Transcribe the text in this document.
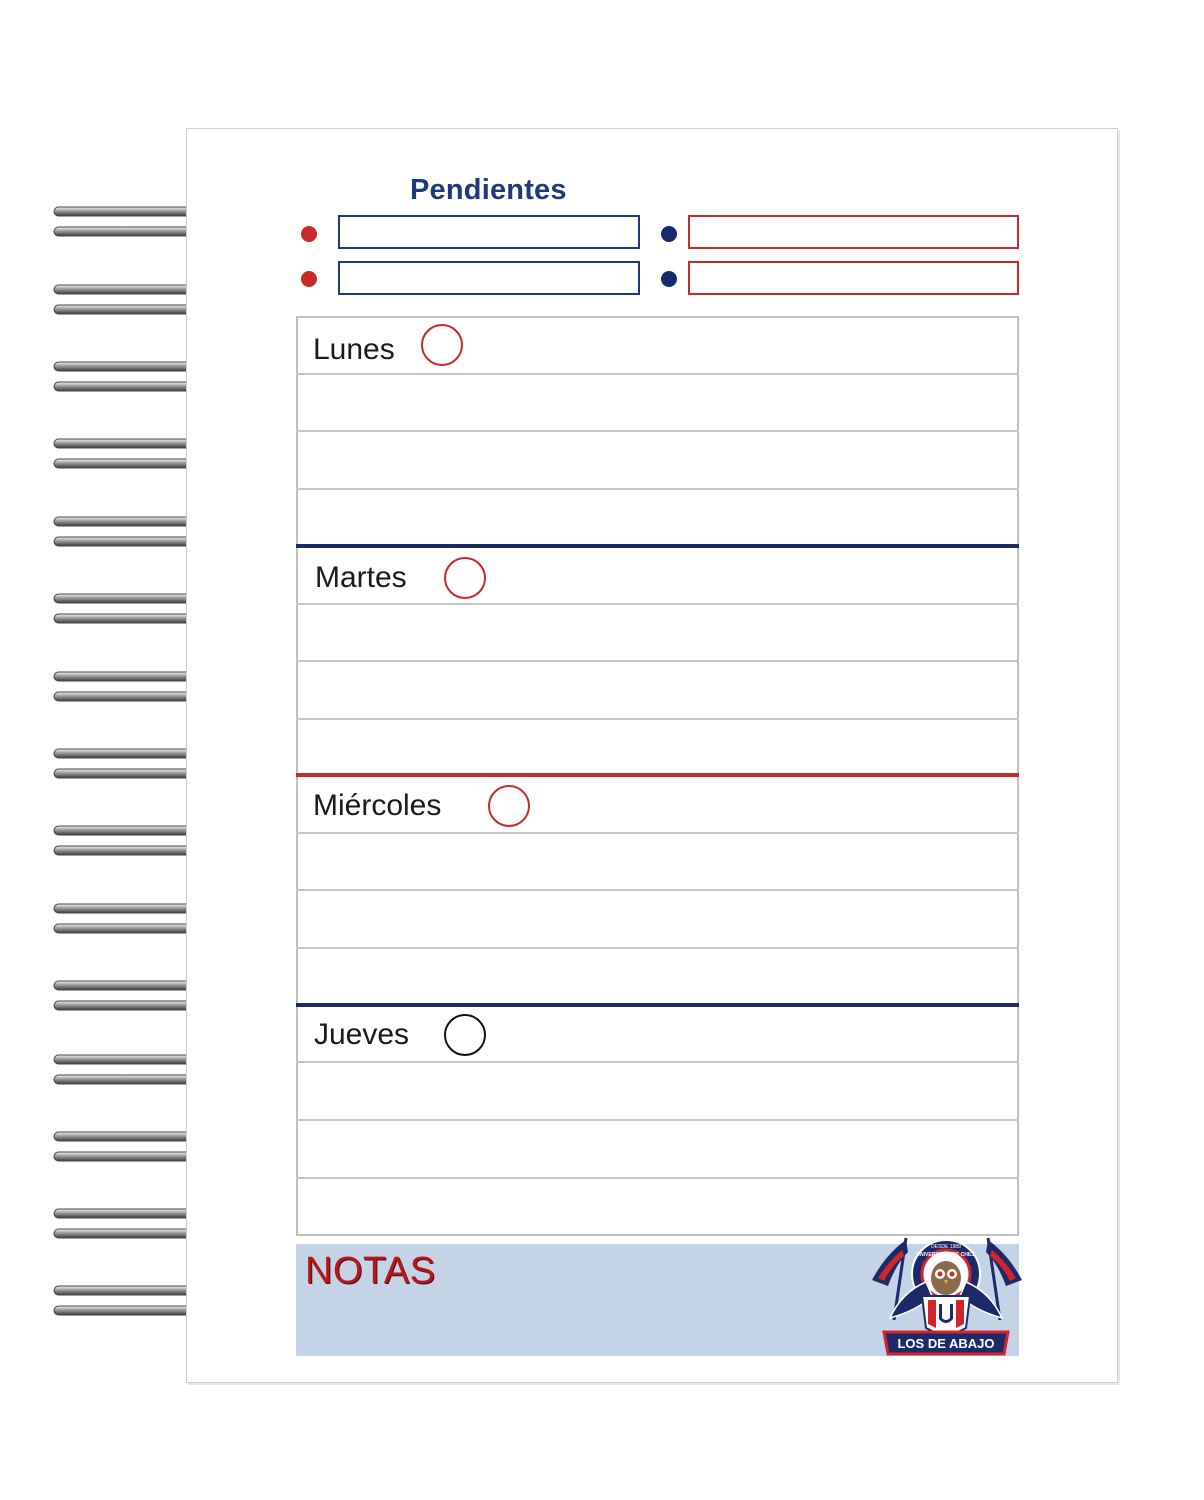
Pendientes
Lunes
Martes
Miércoles
Jueves
NOTAS
LOS DE ABAJO
DESDE 1989
UNIVERSIDAD DE CHILE
